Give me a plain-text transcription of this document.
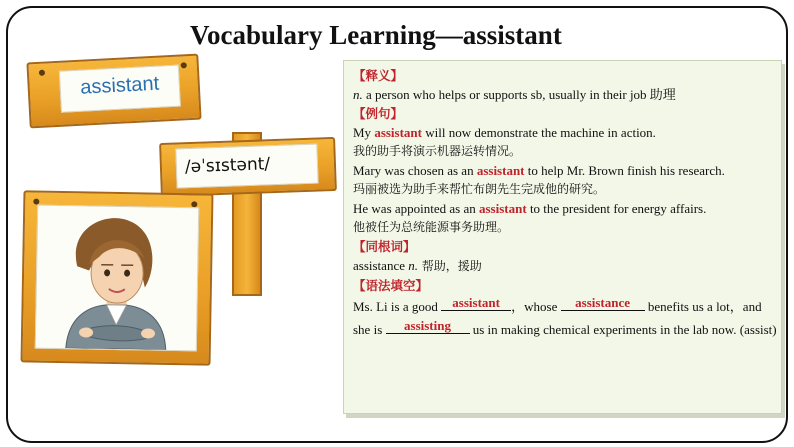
Vocabulary Learning—assistant
assistant
/əˈsɪstənt/

【释义】

n. a person who helps or supports sb, usually in their job 助理

【例句】

My assistant will now demonstrate the machine in action.

我的助手将演示机器运转情况。

Mary was chosen as an assistant to help Mr. Brown finish his research.

玛丽被选为助手来帮忙布朗先生完成他的研究。

He was appointed as an assistant to the president for energy affairs.

他被任为总统能源事务助理。

【同根词】

assistance n. 帮助，援助

【语法填空】

Ms. Li is a good assistant ，whose assistance benefits us a lot，and she is assisting us in making chemical experiments in the lab now. (assist)
